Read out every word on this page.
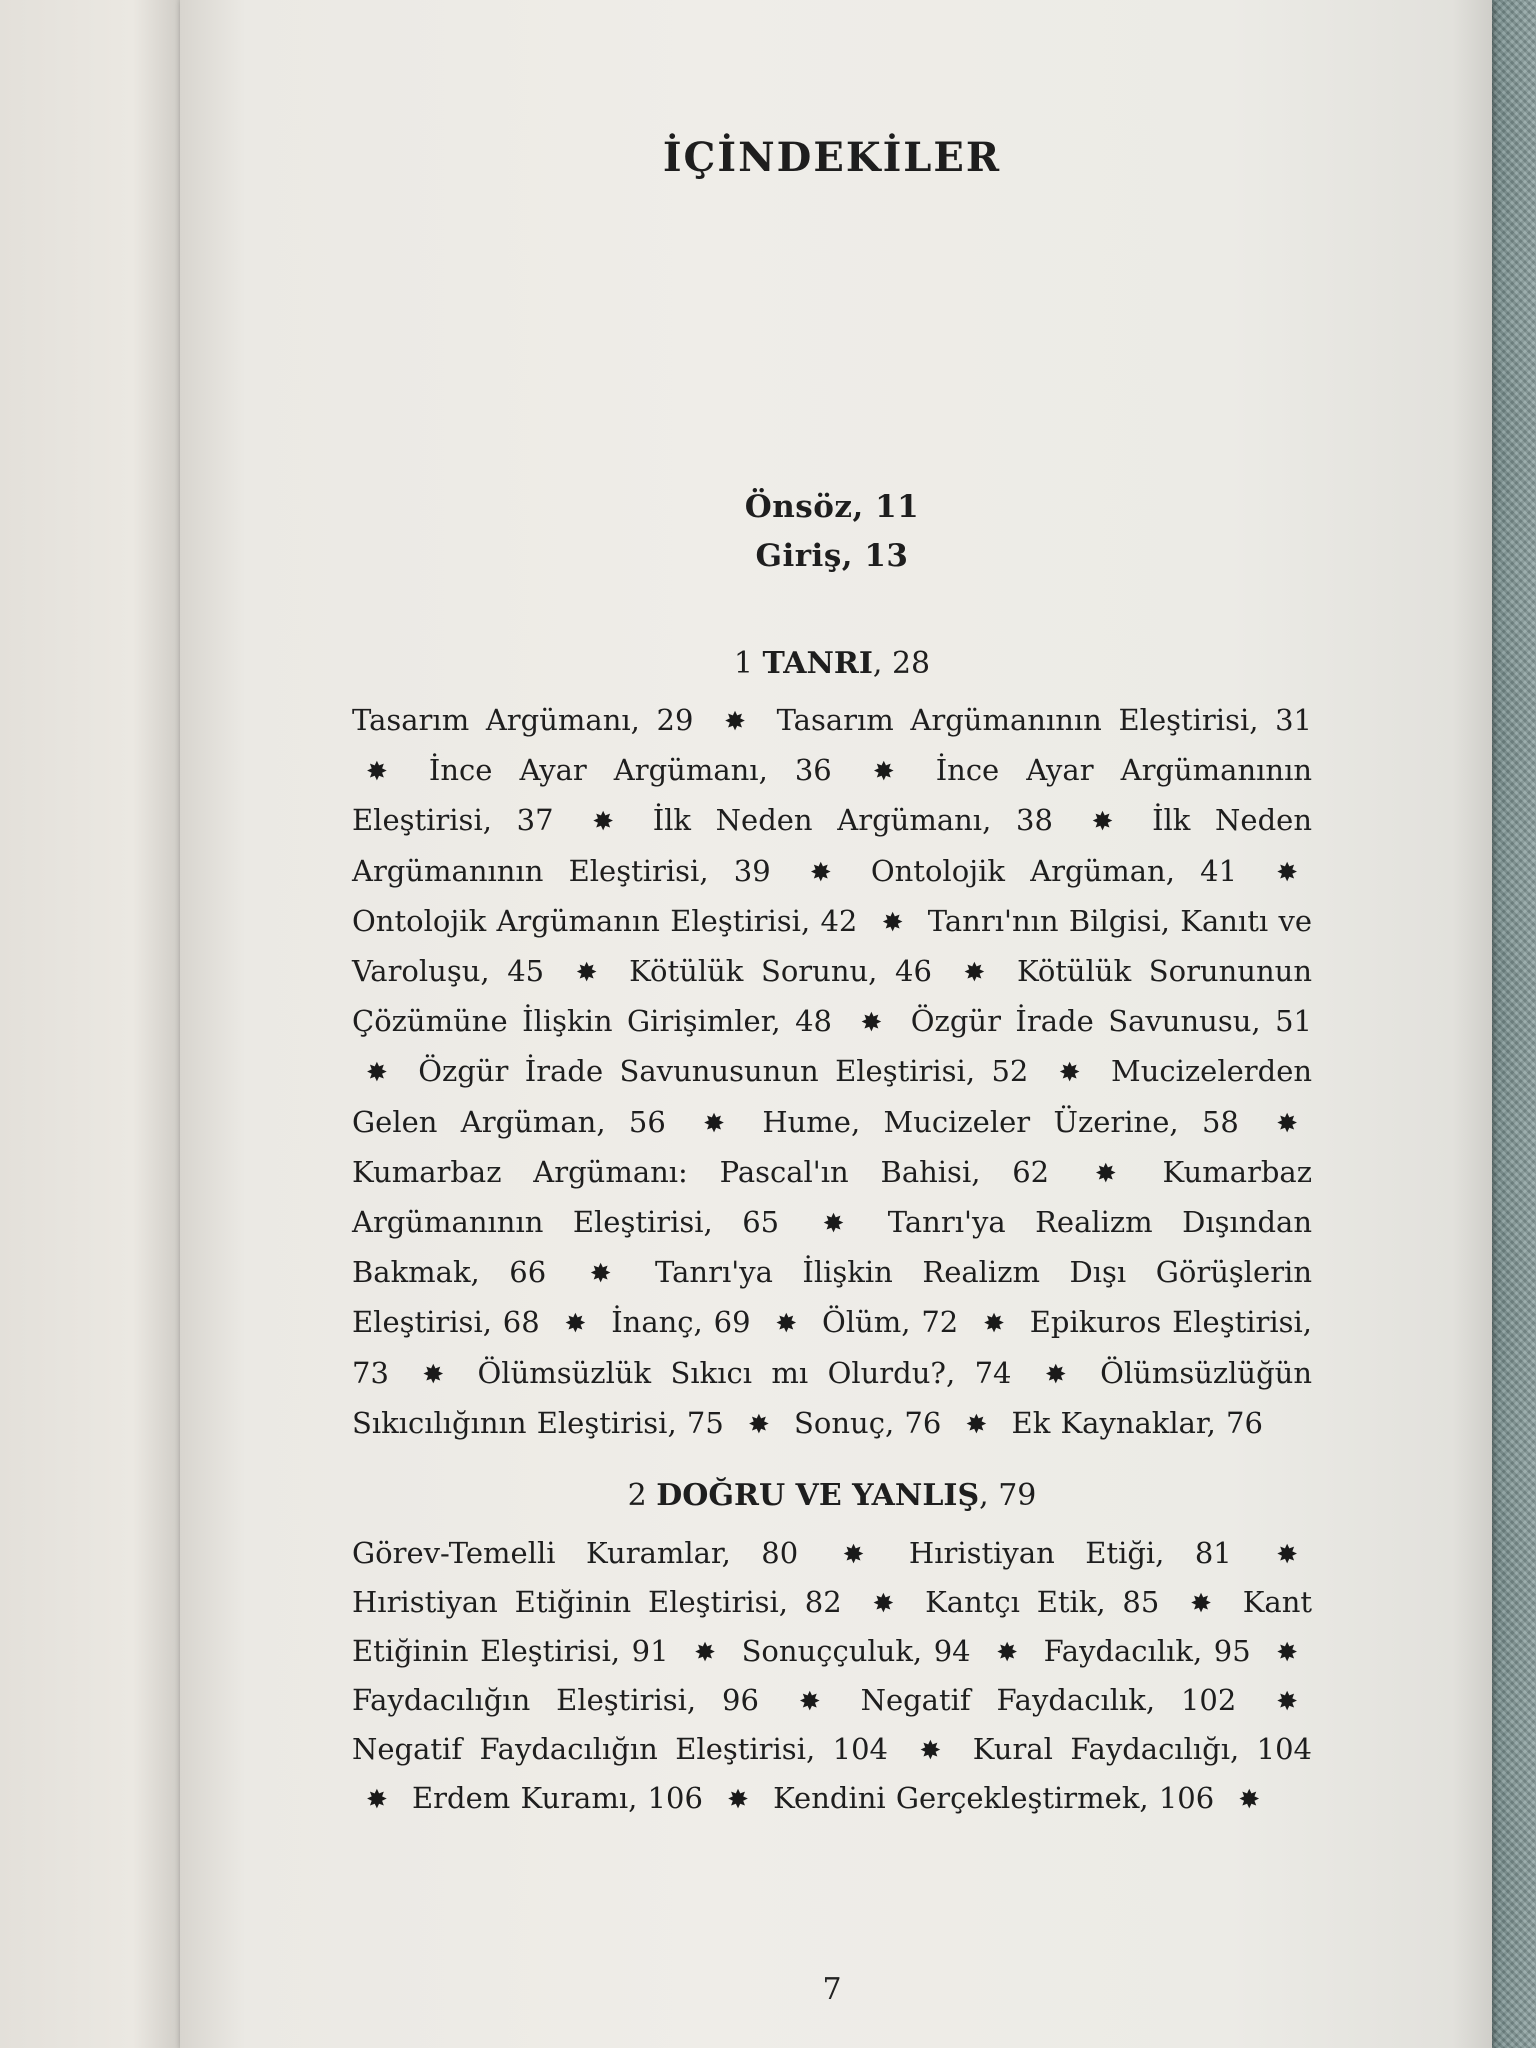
İÇİNDEKİLER
Önsöz, 11
Giriş, 13
1 TANRI, 28
Tasarım Argümanı, 29 ✸ Tasarım Argümanının Eleştirisi, 31 ✸ İnce Ayar Argümanı, 36 ✸ İnce Ayar Argümanının Eleştirisi, 37 ✸ İlk Neden Argümanı, 38 ✸ İlk Neden Argümanının Eleştirisi, 39 ✸ Ontolojik Argüman, 41 ✸ Ontolojik Argümanın Eleştirisi, 42 ✸ Tanrı'nın Bilgisi, Kanıtı ve Varoluşu, 45 ✸ Kötülük Sorunu, 46 ✸ Kötülük Sorununun Çözümüne İlişkin Girişimler, 48 ✸ Özgür İrade Savunusu, 51 ✸ Özgür İrade Savunusunun Eleştirisi, 52 ✸ Mucizelerden Gelen Argüman, 56 ✸ Hume, Mucizeler Üzerine, 58 ✸ Kumarbaz Argümanı: Pascal'ın Bahisi, 62 ✸ Kumarbaz Argümanının Eleştirisi, 65 ✸ Tanrı'ya Realizm Dışından Bakmak, 66 ✸ Tanrı'ya İlişkin Realizm Dışı Görüşlerin Eleştirisi, 68 ✸ İnanç, 69 ✸ Ölüm, 72 ✸ Epikuros Eleştirisi, 73 ✸ Ölümsüzlük Sıkıcı mı Olurdu?, 74 ✸ Ölümsüzlüğün Sıkıcılığının Eleştirisi, 75 ✸ Sonuç, 76 ✸ Ek Kaynaklar, 76
2 DOĞRU VE YANLIŞ, 79
Görev-Temelli Kuramlar, 80 ✸ Hıristiyan Etiği, 81 ✸ Hıristiyan Etiğinin Eleştirisi, 82 ✸ Kantçı Etik, 85 ✸ Kant Etiğinin Eleştirisi, 91 ✸ Sonuççuluk, 94 ✸ Faydacılık, 95 ✸ Faydacılığın Eleştirisi, 96 ✸ Negatif Faydacılık, 102 ✸ Negatif Faydacılığın Eleştirisi, 104 ✸ Kural Faydacılığı, 104 ✸ Erdem Kuramı, 106 ✸ Kendini Gerçekleştirmek, 106 ✸
7
